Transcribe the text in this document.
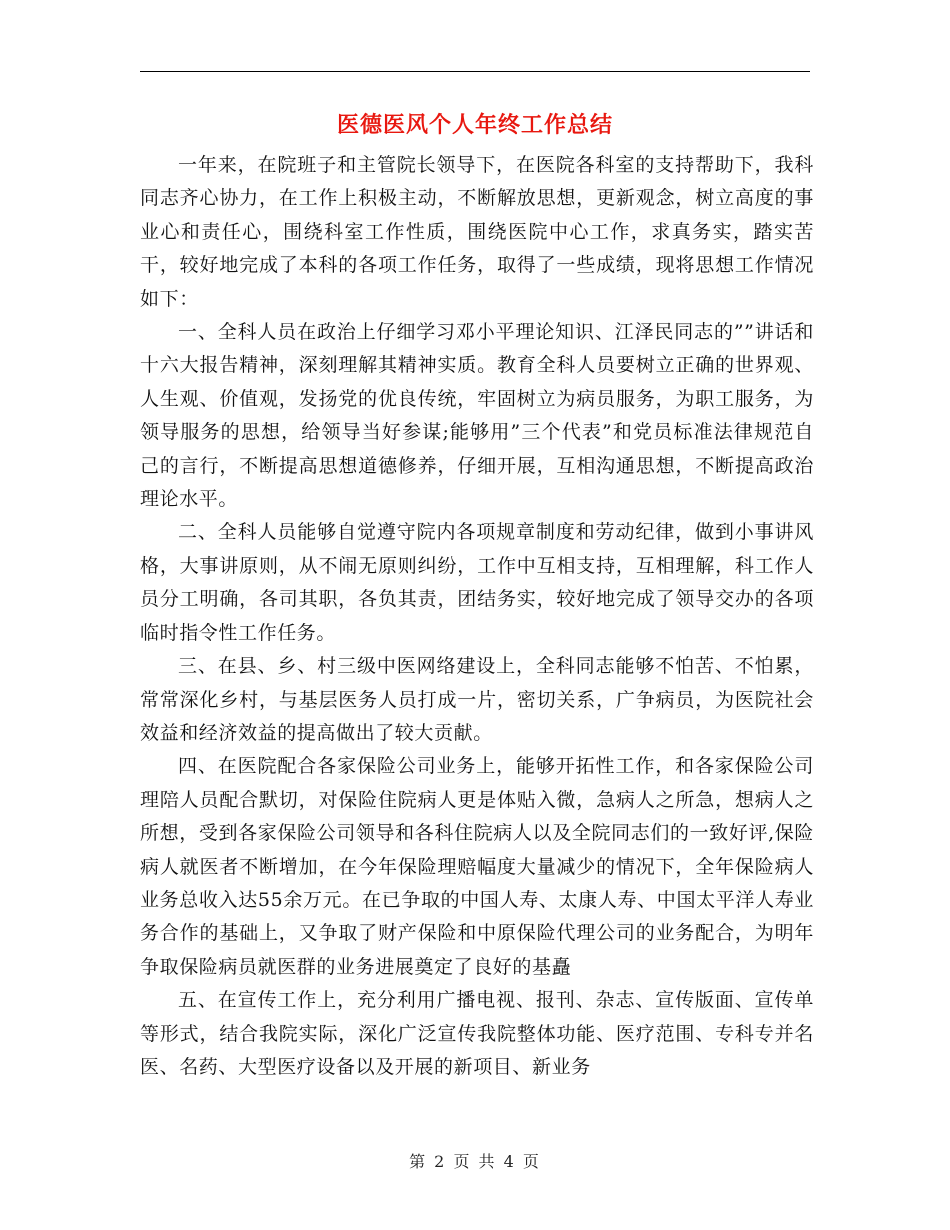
医德医风个人年终工作总结

一年来，在院班子和主管院长领导下，在医院各科室的支持帮助下，我科同志齐心协力，在工作上积极主动，不断解放思想，更新观念，树立高度的事业心和责任心，围绕科室工作性质，围绕医院中心工作，求真务实，踏实苦干，较好地完成了本科的各项工作任务，取得了一些成绩，现将思想工作情况如下：

一、全科人员在政治上仔细学习邓小平理论知识、江泽民同志的””讲话和十六大报告精神，深刻理解其精神实质。教育全科人员要树立正确的世界观、人生观、价值观，发扬党的优良传统，牢固树立为病员服务，为职工服务，为领导服务的思想，给领导当好参谋;能够用”三个代表”和党员标准法律规范自己的言行，不断提高思想道德修养，仔细开展，互相沟通思想，不断提高政治理论水平。

二、全科人员能够自觉遵守院内各项规章制度和劳动纪律，做到小事讲风格，大事讲原则，从不闹无原则纠纷，工作中互相支持，互相理解，科工作人员分工明确，各司其职，各负其责，团结务实，较好地完成了领导交办的各项临时指令性工作任务。

三、在县、乡、村三级中医网络建设上，全科同志能够不怕苦、不怕累，常常深化乡村，与基层医务人员打成一片，密切关系，广争病员，为医院社会效益和经济效益的提高做出了较大贡献。

四、在医院配合各家保险公司业务上，能够开拓性工作，和各家保险公司理陪人员配合默切，对保险住院病人更是体贴入微，急病人之所急，想病人之所想，受到各家保险公司领导和各科住院病人以及全院同志们的一致好评,保险病人就医者不断增加，在今年保险理赔幅度大量减少的情况下，全年保险病人业务总收入达55余万元。在已争取的中国人寿、太康人寿、中国太平洋人寿业务合作的基础上，又争取了财产保险和中原保险代理公司的业务配合，为明年争取保险病员就医群的业务进展奠定了良好的基矗

五、在宣传工作上，充分利用广播电视、报刊、杂志、宣传版面、宣传单等形式，结合我院实际，深化广泛宣传我院整体功能、医疗范围、专科专并名医、名药、大型医疗设备以及开展的新项目、新业务

第 2 页 共 4 页
